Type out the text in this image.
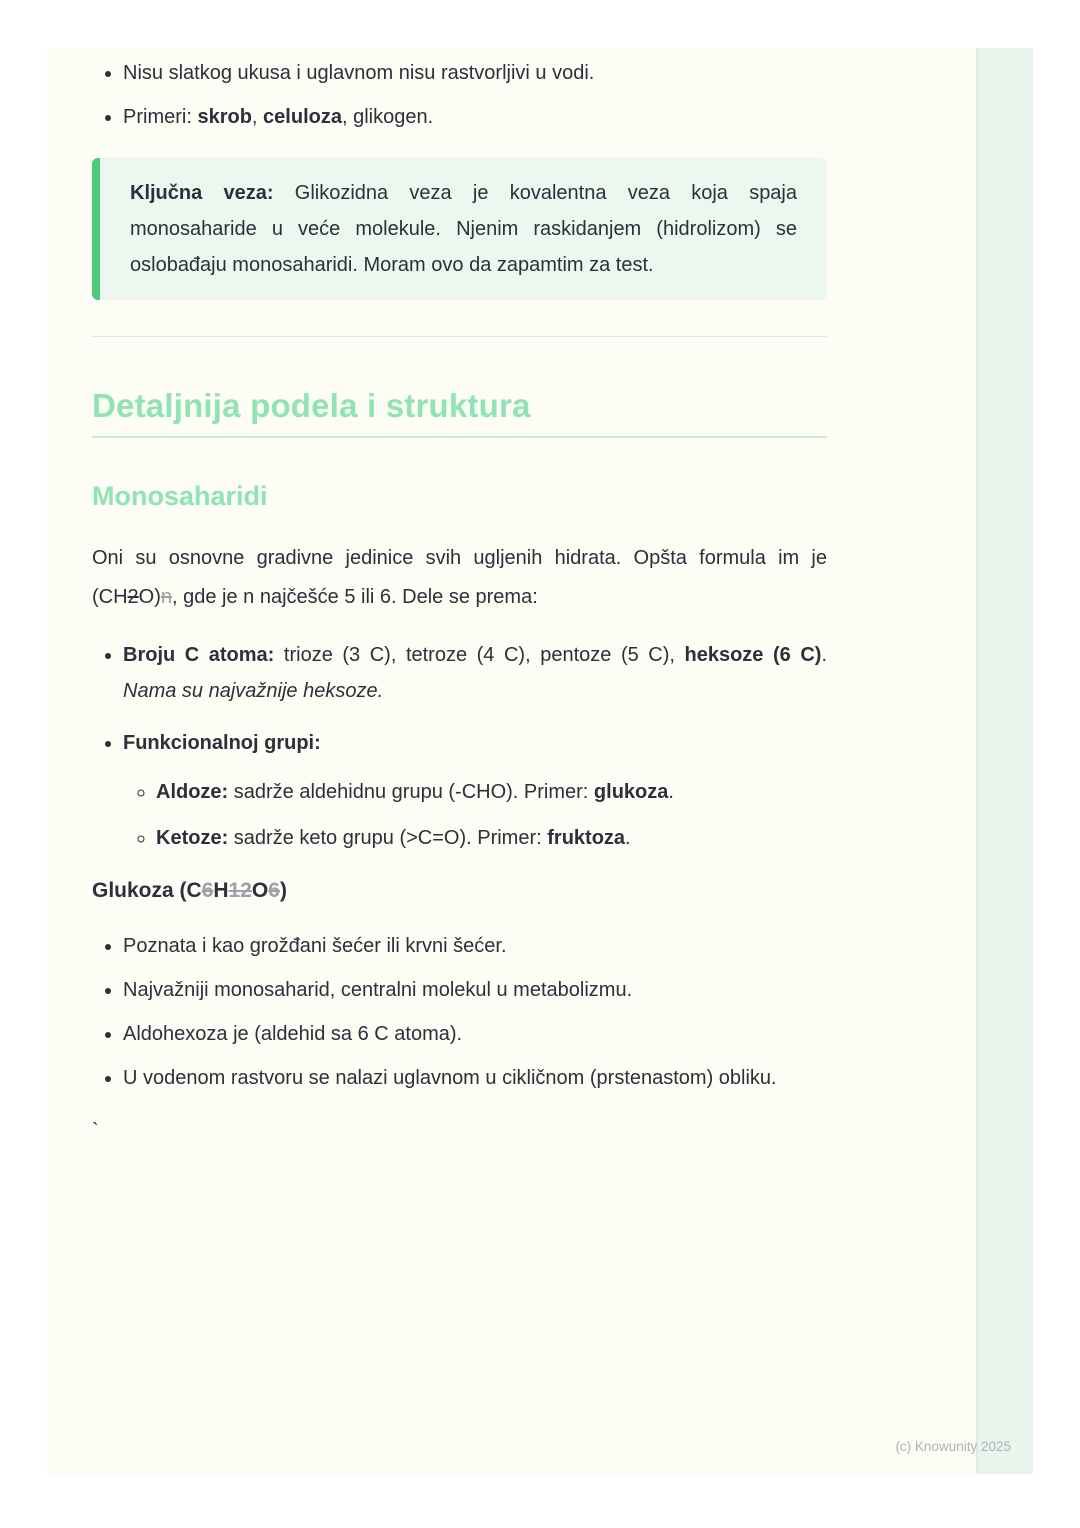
• Nisu slatkog ukusa i uglavnom nisu rastvorljivi u vodi.
• Primeri: skrob, celuloza, glikogen.

Ključna veza: Glikozidna veza je kovalentna veza koja spaja monosaharide u veće molekule. Njenim raskidanjem (hidrolizom) se oslobađaju monosaharidi. Moram ovo da zapamtim za test.

Detaljnija podela i struktura
Monosaharidi

Oni su osnovne gradivne jedinice svih ugljenih hidrata. Opšta formula im je (CH2O)n, gde je n najčešće 5 ili 6. Dele se prema:

• Broju C atoma: trioze (3 C), tetroze (4 C), pentoze (5 C), heksoze (6 C). Nama su najvažnije heksoze.
• Funkcionalnoj grupi:
◦ Aldoze: sadrže aldehidnu grupu (-CHO). Primer: glukoza.
◦ Ketoze: sadrže keto grupu (>C=O). Primer: fruktoza.

Glukoza (C6H12O6)

• Poznata i kao grožđani šećer ili krvni šećer.
• Najvažniji monosaharid, centralni molekul u metabolizmu.
• Aldohexoza je (aldehid sa 6 C atoma).
• U vodenom rastvoru se nalazi uglavnom u cikličnom (prstenastom) obliku.
`
(c) Knowunity 2025
